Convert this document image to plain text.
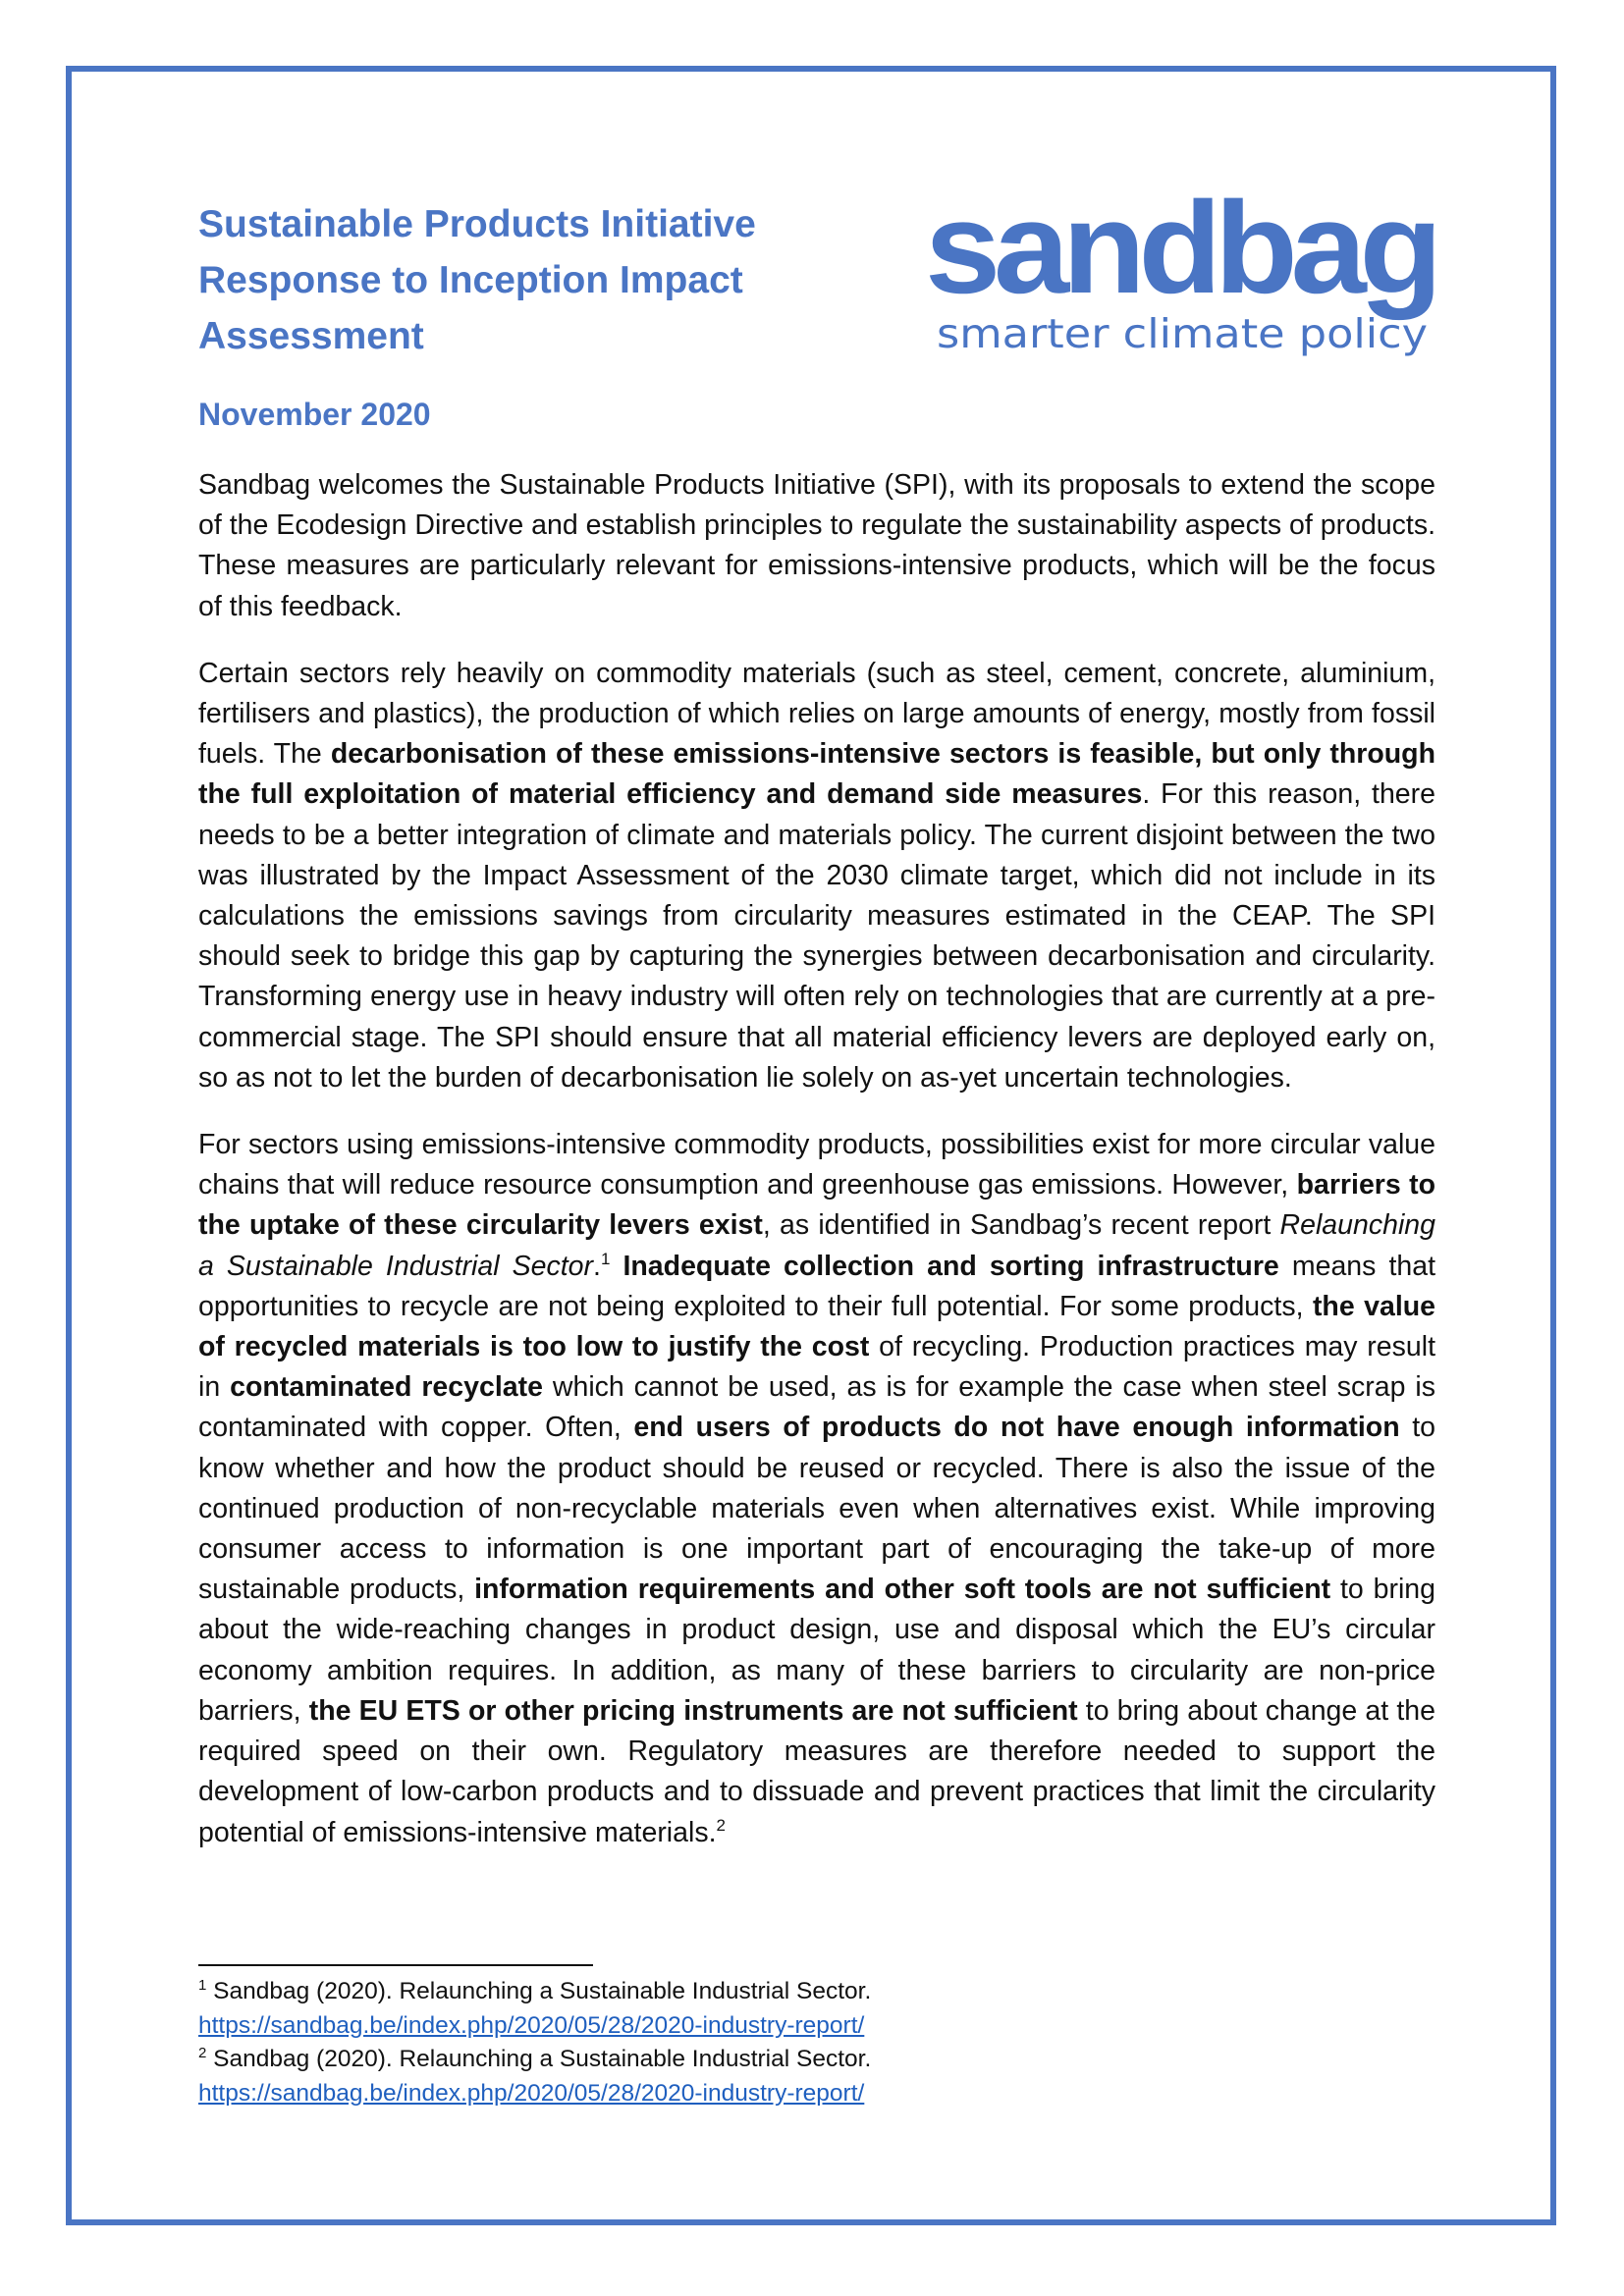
Sustainable Products Initiative
Response to Inception Impact
Assessment
sandbag
smarter climate policy
November 2020

Sandbag welcomes the Sustainable Products Initiative (SPI), with its proposals to extend the scope of the Ecodesign Directive and establish principles to regulate the sustainability aspects of products. These measures are particularly relevant for emissions-intensive products, which will be the focus of this feedback.

Certain sectors rely heavily on commodity materials (such as steel, cement, concrete, aluminium, fertilisers and plastics), the production of which relies on large amounts of energy, mostly from fossil fuels. The decarbonisation of these emissions-intensive sectors is feasible, but only through the full exploitation of material efficiency and demand side measures. For this reason, there needs to be a better integration of climate and materials policy. The current disjoint between the two was illustrated by the Impact Assessment of the 2030 climate target, which did not include in its calculations the emissions savings from circularity measures estimated in the CEAP. The SPI should seek to bridge this gap by capturing the synergies between decarbonisation and circularity. Transforming energy use in heavy industry will often rely on technologies that are currently at a pre-commercial stage. The SPI should ensure that all material efficiency levers are deployed early on, so as not to let the burden of decarbonisation lie solely on as-yet uncertain technologies.

For sectors using emissions-intensive commodity products, possibilities exist for more circular value chains that will reduce resource consumption and greenhouse gas emissions. However, barriers to the uptake of these circularity levers exist, as identified in Sandbag’s recent report Relaunching a Sustainable Industrial Sector.$^1$ Inadequate collection and sorting infrastructure means that opportunities to recycle are not being exploited to their full potential. For some products, the value of recycled materials is too low to justify the cost of recycling. Production practices may result in contaminated recyclate which cannot be used, as is for example the case when steel scrap is contaminated with copper. Often, end users of products do not have enough information to know whether and how the product should be reused or recycled. There is also the issue of the continued production of non-recyclable materials even when alternatives exist. While improving consumer access to information is one important part of encouraging the take-up of more sustainable products, information requirements and other soft tools are not sufficient to bring about the wide-reaching changes in product design, use and disposal which the EU’s circular economy ambition requires. In addition, as many of these barriers to circularity are non-price barriers, the EU ETS or other pricing instruments are not sufficient to bring about change at the required speed on their own. Regulatory measures are therefore needed to support the development of low-carbon products and to dissuade and prevent practices that limit the circularity potential of emissions-intensive materials.$^2$

$^1$ Sandbag (2020). Relaunching a Sustainable Industrial Sector.
https://sandbag.be/index.php/2020/05/28/2020-industry-report/
$^2$ Sandbag (2020). Relaunching a Sustainable Industrial Sector.
https://sandbag.be/index.php/2020/05/28/2020-industry-report/
